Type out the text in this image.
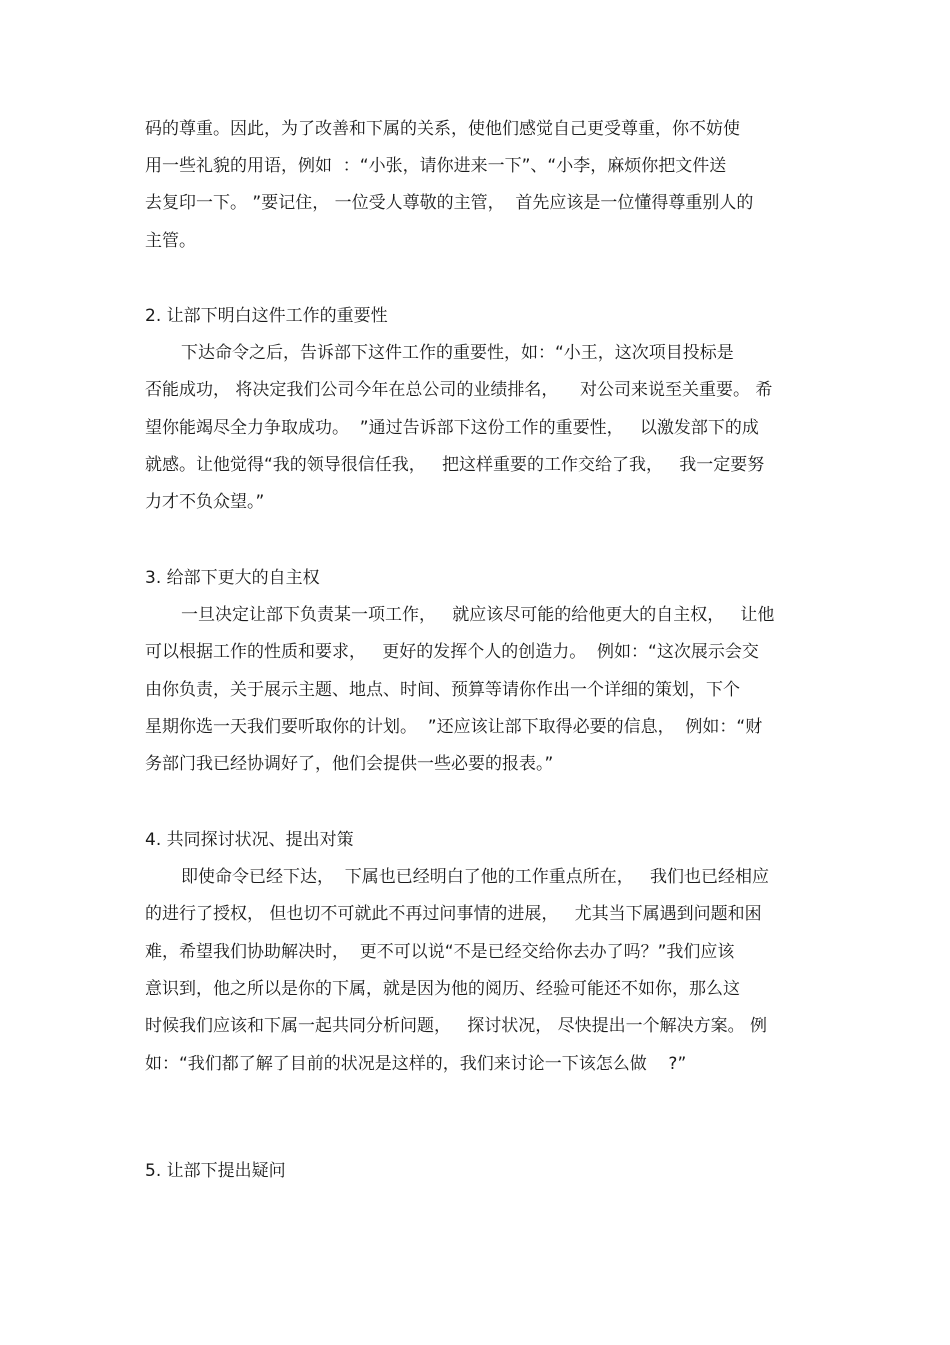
码的尊重。因此，为了改善和下属的关系，使他们感觉自己更受尊重，你不妨使
用一些礼貌的用语，例如  ：“小张，请你进来一下”、“小李，麻烦你把文件送
去复印一下。 ”要记住， 一位受人尊敬的主管，  首先应该是一位懂得尊重别人的
主管。
2. 让部下明白这件工作的重要性
下达命令之后，告诉部下这件工作的重要性，如：“小王，这次项目投标是
否能成功， 将决定我们公司今年在总公司的业绩排名，    对公司来说至关重要。 希
望你能竭尽全力争取成功。  ”通过告诉部下这份工作的重要性，   以激发部下的成
就感。让他觉得“我的领导很信任我，   把这样重要的工作交给了我，   我一定要努
力才不负众望。”
3. 给部下更大的自主权
一旦决定让部下负责某一项工作，   就应该尽可能的给他更大的自主权，   让他
可以根据工作的性质和要求，   更好的发挥个人的创造力。  例如：“这次展示会交
由你负责，关于展示主题、地点、时间、预算等请你作出一个详细的策划，下个
星期你选一天我们要听取你的计划。  ”还应该让部下取得必要的信息，  例如：“财
务部门我已经协调好了，他们会提供一些必要的报表。”
4. 共同探讨状况、提出对策
即使命令已经下达，  下属也已经明白了他的工作重点所在，   我们也已经相应
的进行了授权， 但也切不可就此不再过问事情的进展，   尤其当下属遇到问题和困
难，希望我们协助解决时，  更不可以说“不是已经交给你去办了吗？”我们应该
意识到，他之所以是你的下属，就是因为他的阅历、经验可能还不如你，那么这
时候我们应该和下属一起共同分析问题，   探讨状况， 尽快提出一个解决方案。 例
如：“我们都了解了目前的状况是这样的，我们来讨论一下该怎么做    ?”
5. 让部下提出疑问
